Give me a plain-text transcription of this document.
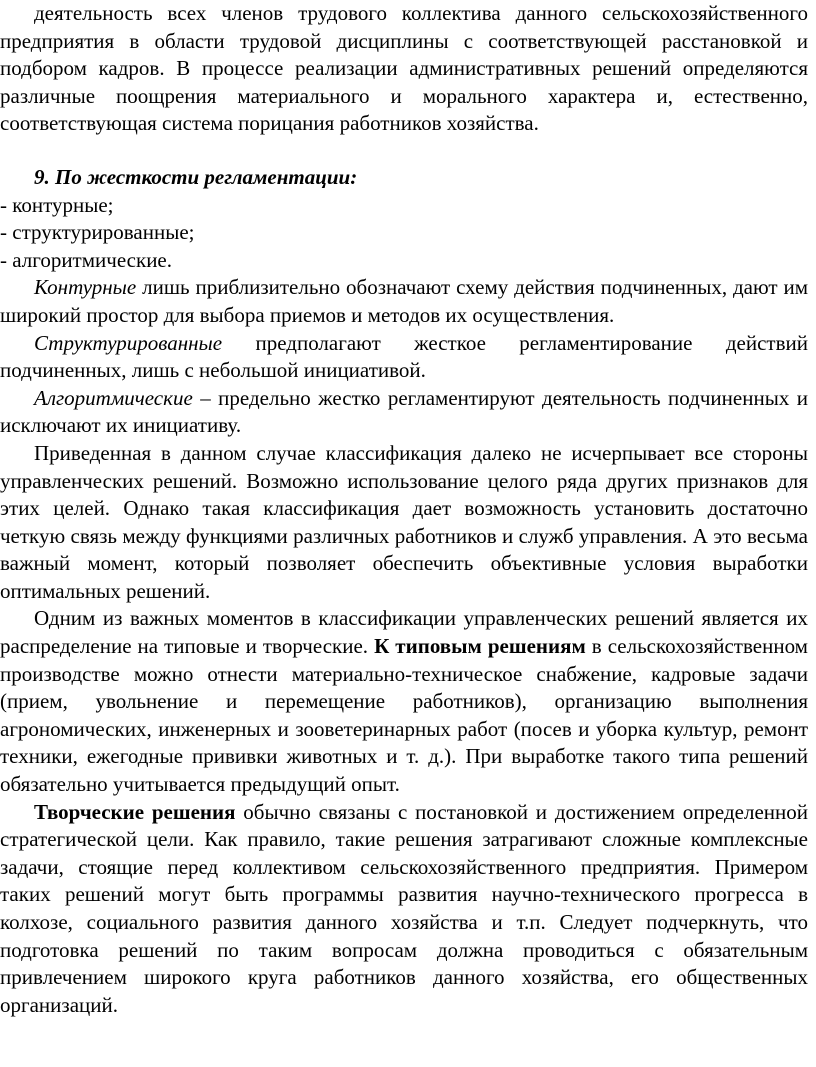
деятельность всех членов трудового коллектива данного сельскохозяйственного предприятия в области трудовой дисциплины с соответствующей расстановкой и подбором кадров. В процессе реализации административных решений определяются различные поощрения материального и морального характера и, естественно, соответствующая система порицания работников хозяйства.

9. По жесткости регламентации:

- контурные;

- структурированные;

- алгоритмические.

Контурные лишь приблизительно обозначают схему действия подчиненных, дают им широкий простор для выбора приемов и методов их осуществления.

Структурированные предполагают жесткое регламентирование действий подчиненных, лишь с небольшой инициативой.

Алгоритмические – предельно жестко регламентируют деятельность подчиненных и исключают их инициативу.

Приведенная в данном случае классификация далеко не исчерпывает все стороны управленческих решений. Возможно использование целого ряда других признаков для этих целей. Однако такая классификация дает возможность установить достаточно четкую связь между функциями различных работников и служб управления. А это весьма важный момент, который позволяет обеспечить объективные условия выработки оптимальных решений.

Одним из важных моментов в классификации управленческих решений является их распределение на типовые и творческие. К типовым решениям в сельскохозяйственном производстве можно отнести материально-техническое снабжение, кадровые задачи (прием, увольнение и перемещение работников), организацию выполнения агрономических, инженерных и зооветеринарных работ (посев и уборка культур, ремонт техники, ежегодные прививки животных и т. д.). При выработке такого типа решений обязательно учитывается предыдущий опыт.

Творческие решения обычно связаны с постановкой и достижением определенной стратегической цели. Как правило, такие решения затрагивают сложные комплексные задачи, стоящие перед коллективом сельскохозяйственного предприятия. Примером таких решений могут быть программы развития научно-технического прогресса в колхозе, социального развития данного хозяйства и т.п. Следует подчеркнуть, что подготовка решений по таким вопросам должна проводиться с обязательным привлечением широкого круга работников данного хозяйства, его общественных организаций.
